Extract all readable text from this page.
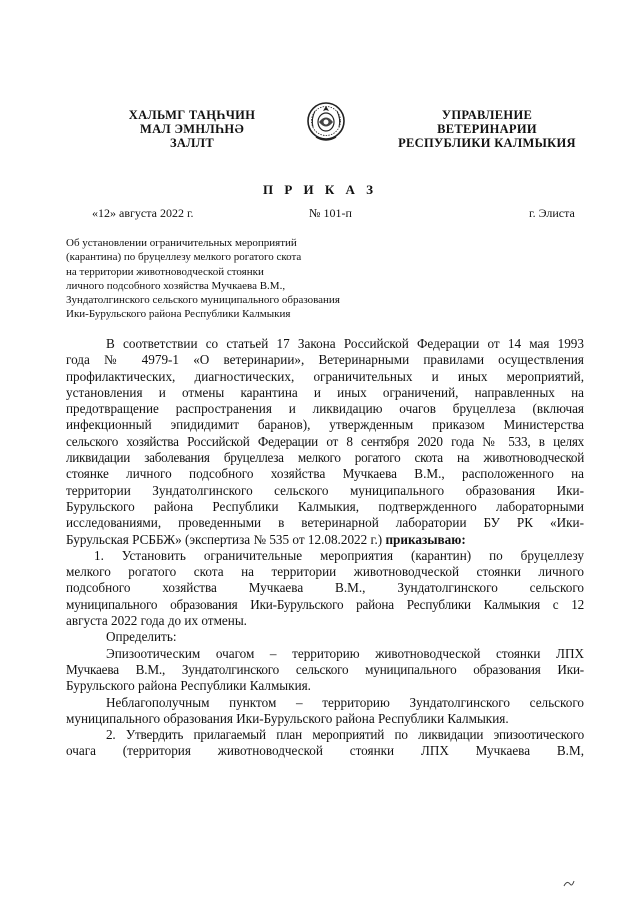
ХАЛЬМГ ТАҢҺЧИН
МАЛ ЭМНЛҺНӘ
ЗАЛЛТ
УПРАВЛЕНИЕ
ВЕТЕРИНАРИИ
РЕСПУБЛИКИ КАЛМЫКИЯ
П Р И К А З
«12» августа 2022 г.	№ 101-п	г. Элиста
Об установлении ограничительных мероприятий
(карантина) по бруцеллезу мелкого рогатого скота
на территории животноводческой стоянки
личного подсобного хозяйства Мучкаева В.М.,
Зундатолгинского сельского муниципального образования
Ики-Бурульского района Республики Калмыкия
В соответствии со статьей 17 Закона Российской Федерации от 14 мая 1993
года № 4979-1 «О ветеринарии», Ветеринарными правилами осуществления
профилактических, диагностических, ограничительных и иных мероприятий,
установления и отмены карантина и иных ограничений, направленных на
предотвращение распространения и ликвидацию очагов бруцеллеза (включая
инфекционный эпидидимит баранов), утвержденным приказом Министерства
сельского хозяйства Российской Федерации от 8 сентября 2020 года № 533, в целях
ликвидации заболевания бруцеллеза мелкого рогатого скота на животноводческой
стоянке личного подсобного хозяйства Мучкаева В.М., расположенного на
территории Зундатолгинского сельского муниципального образования Ики-
Бурульского района Республики Калмыкия, подтвержденного лабораторными
исследованиями, проведенными в ветеринарной лаборатории БУ РК «Ики-
Бурульская РСББЖ» (экспертиза № 535 от 12.08.2022 г.) приказываю:
1. Установить ограничительные мероприятия (карантин) по бруцеллезу
мелкого рогатого скота на территории животноводческой стоянки личного
подсобного хозяйства Мучкаева В.М., Зундатолгинского сельского
муниципального образования Ики-Бурульского района Республики Калмыкия с 12
августа 2022 года до их отмены.
Определить:
Эпизоотическим очагом – территорию животноводческой стоянки ЛПХ
Мучкаева В.М., Зундатолгинского сельского муниципального образования Ики-
Бурульского района Республики Калмыкия.
Неблагополучным пунктом – территорию Зундатолгинского сельского
муниципального образования Ики-Бурульского района Республики Калмыкия.
2. Утвердить прилагаемый план мероприятий по ликвидации эпизоотического
очага (территория животноводческой стоянки ЛПХ Мучкаева В.М,
